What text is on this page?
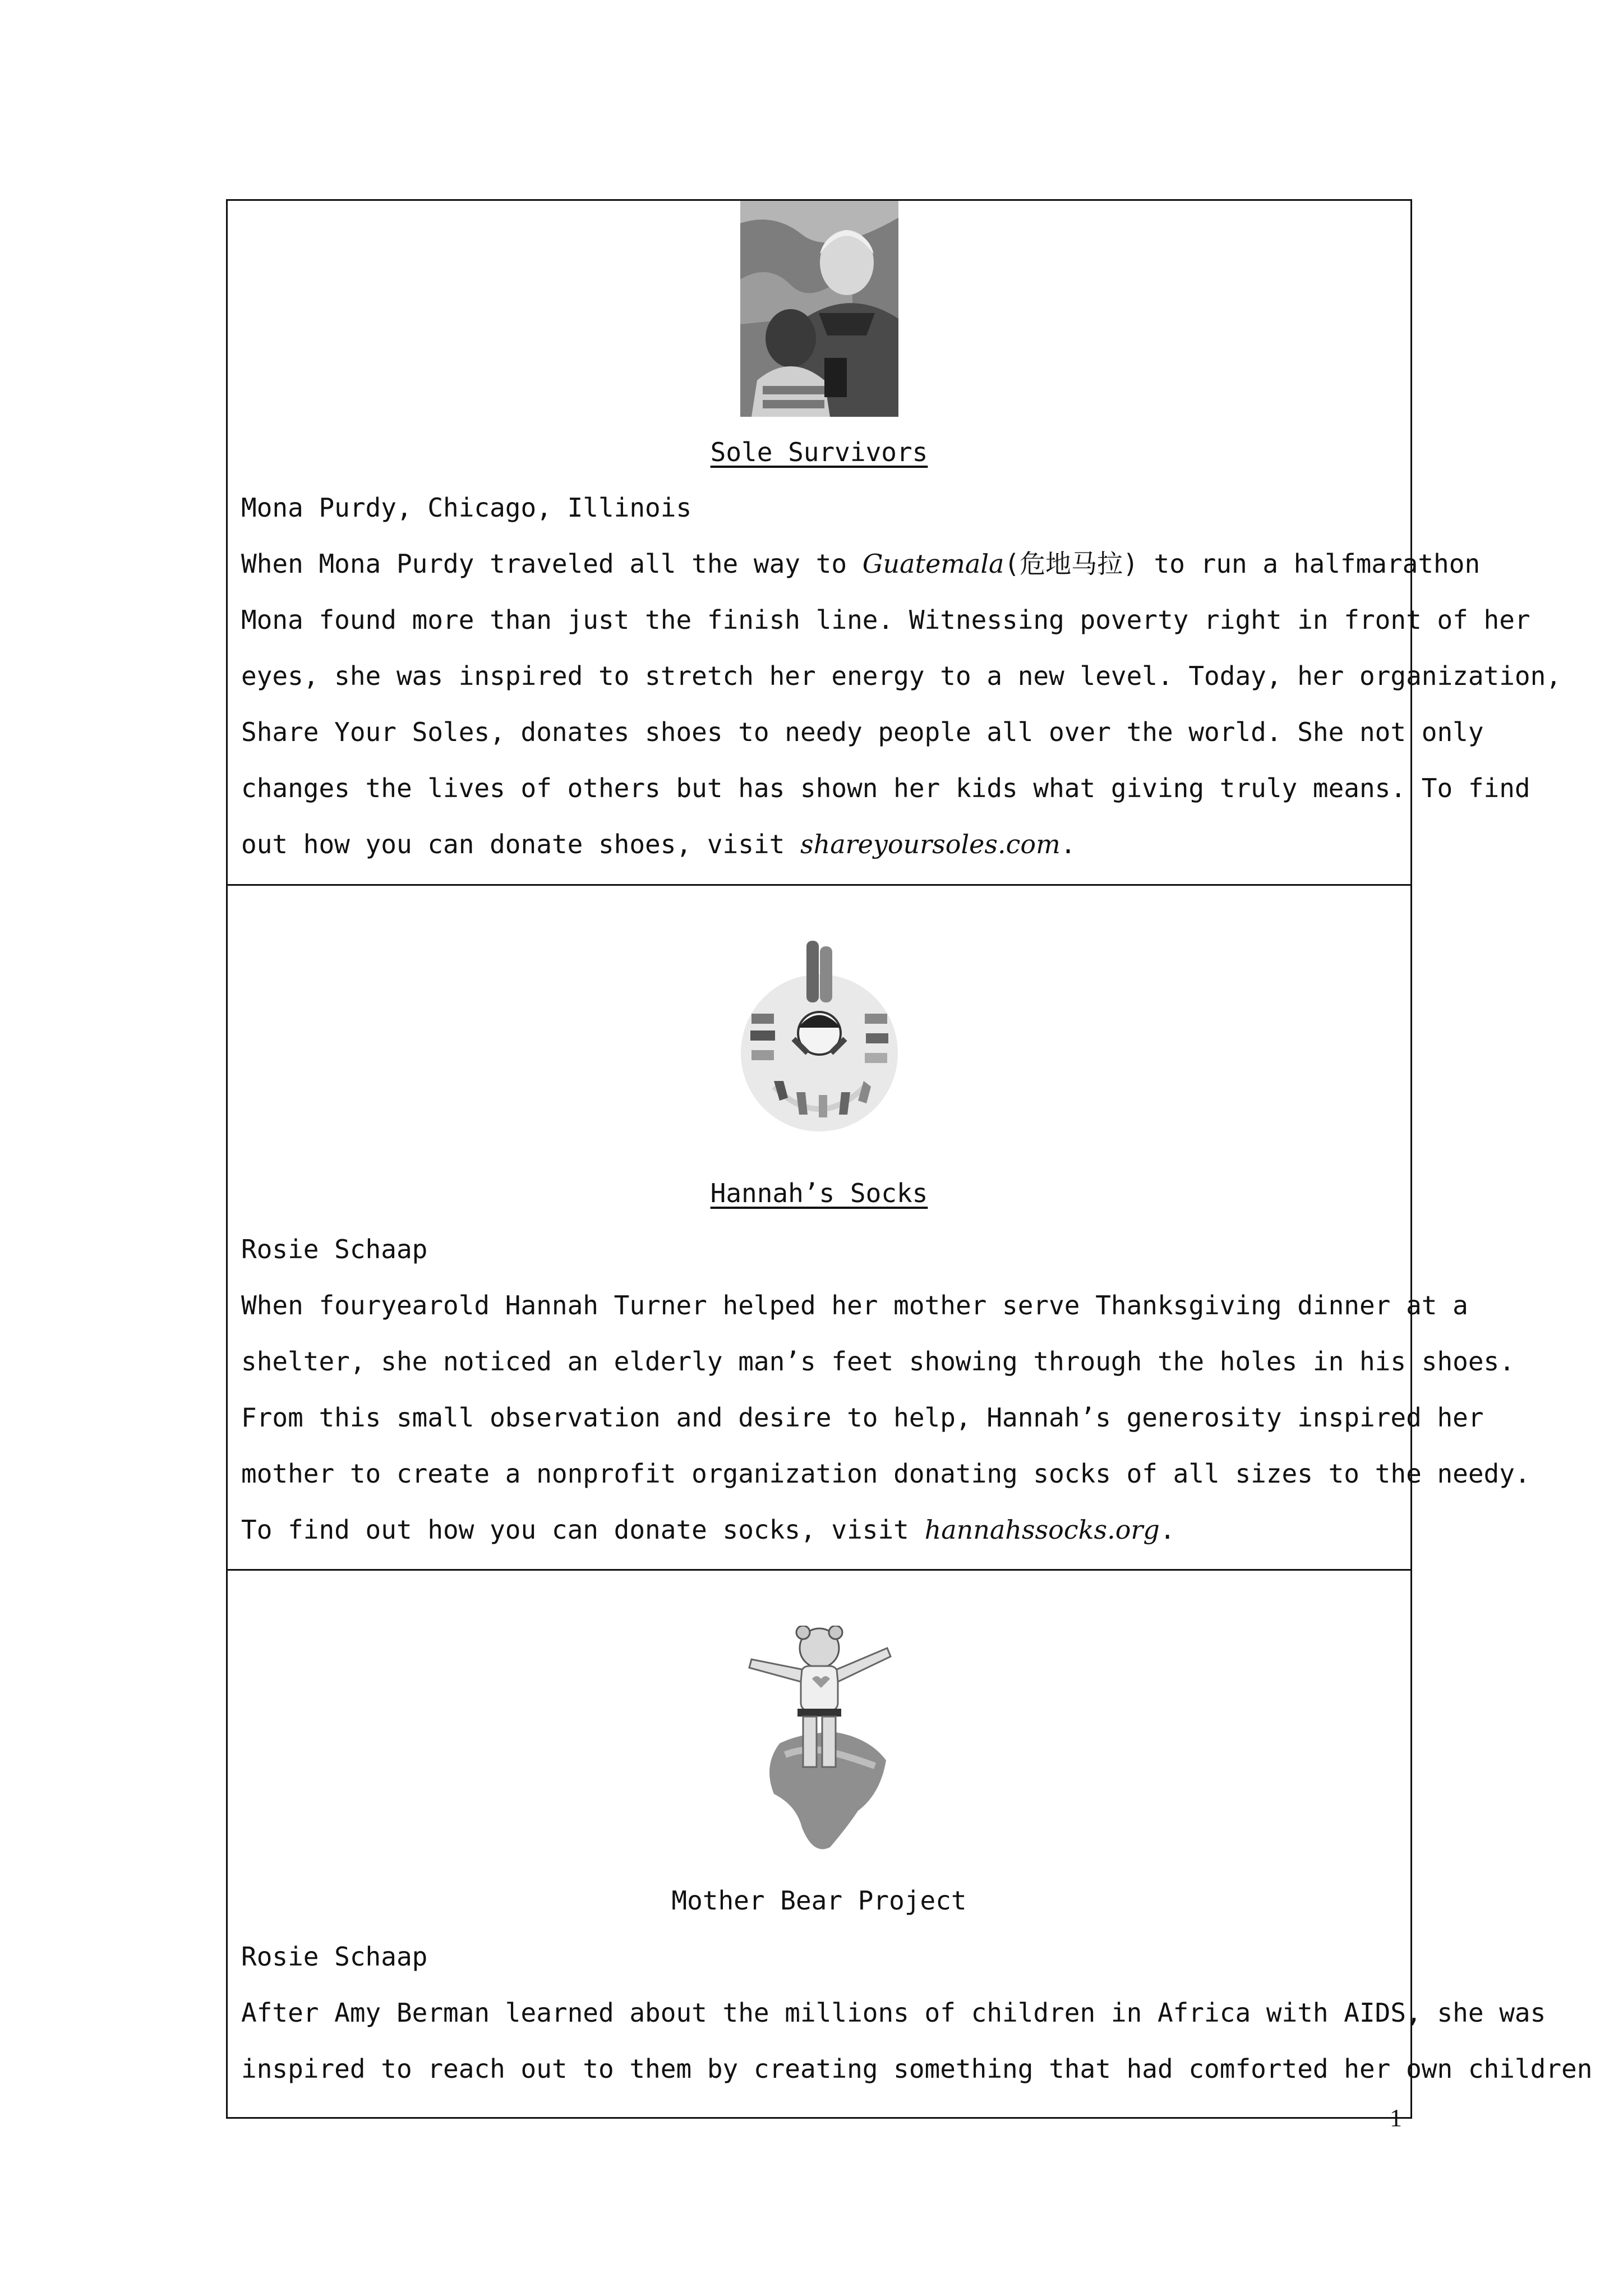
Sole Survivors
Mona Purdy, Chicago, Illinois
When Mona Purdy traveled all the way to Guatemala(危地马拉) to run a halfmarathon
Mona found more than just the finish line. Witnessing poverty right in front of her
eyes, she was inspired to stretch her energy to a new level. Today, her organization,
Share Your Soles, donates shoes to needy people all over the world. She not only
changes the lives of others but has shown her kids what giving truly means. To find
out how you can donate shoes, visit shareyoursoles.com.
Hannah’s Socks
Rosie Schaap
When fouryearold Hannah Turner helped her mother serve Thanksgiving dinner at a
shelter, she noticed an elderly man’s feet showing through the holes in his shoes.
From this small observation and desire to help, Hannah’s generosity inspired her
mother to create a nonprofit organization donating socks of all sizes to the needy.
To find out how you can donate socks, visit hannahssocks.org.
Mother Bear Project
Rosie Schaap
After Amy Berman learned about the millions of children in Africa with AIDS, she was
inspired to reach out to them by creating something that had comforted her own children
1
